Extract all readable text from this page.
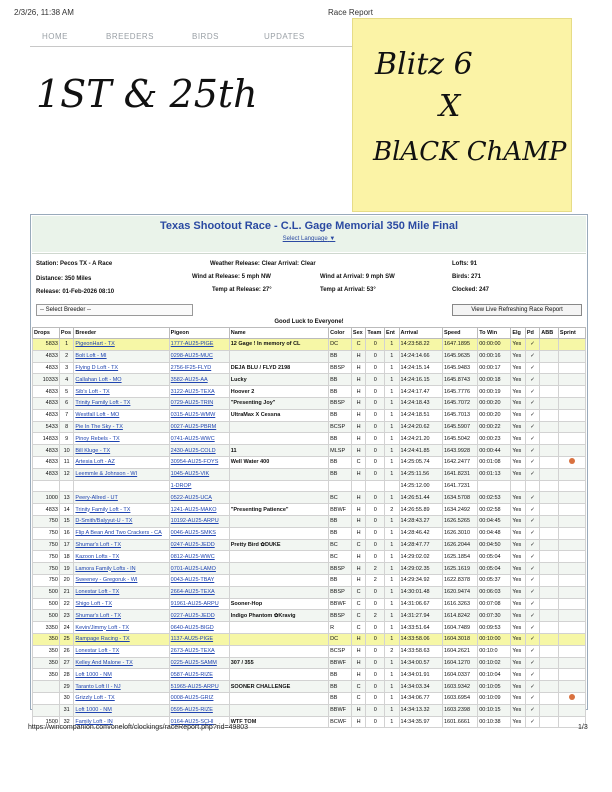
2/3/26, 11:38 AM	Race Report
HOME	BREEDERS	BIRDS	UPDATES
1ST & 25th
Blitz 6
X
BlACK ChAMP
Texas Shootout Race - C.L. Gage Memorial 350 Mile Final
Select Language ▼
Station: Pecos TX - A Race
Distance: 350 Miles
Release: 01-Feb-2026 08:10
Weather Release: Clear Arrival: Clear
Wind at Release: 5 mph NW	Wind at Arrival: 9 mph SW
Temp at Release: 27°	Temp at Arrival: 53°
Lofts: 91
Birds: 271
Clocked: 247
-- Select Breeder --	View Live Refreshing Race Report
Good Luck to Everyone!
Drops	Pos	Breeder	Pigeon	Name	Color	Sex	Team	Ent	Arrival	Speed	To Win	Elg	Pd	ABB	Sprint
5833	1	PigeonHart - TX	1777-AU25-PIGE	12 Gage ! In memory of CL	DC	C	0	1	14:23:58.22	1647.1895	00:00:00	Yes	✓		
4833	2	Bolt Loft - MI	0298-AU25-MUC		BB	H	0	1	14:24:14.66	1645.9635	00:00:16	Yes	✓		
4833	3	Flying D Loft - TX	2756-IF25-FLYD	DEJA BLU / FLYD 2198	BBSP	H	0	1	14:24:15.14	1645.9483	00:00:17	Yes	✓		
10333	4	Callahan Loft - MO	3582-AU25-AA	Lucky	BB	H	0	1	14:24:16.15	1645.8743	00:00:18	Yes	✓		
4833	5	Sib's Loft - TX	3122-AU25-TEXA	Hoover 2	BB	H	0	1	14:24:17.47	1645.7776	00:00:19	Yes	✓		
4833	6	Trinity Family Loft - TX	0729-AU25-TRIN	"Presenting Joy"	BBSP	H	0	1	14:24:18.43	1645.7072	00:00:20	Yes	✓		
4833	7	Westfall Loft - MO	0315-AU25-WMW	UltraMax X Cessna	BB	H	0	1	14:24:18.51	1645.7013	00:00:20	Yes	✓		
5433	8	Pie In The Sky - TX	0027-AU25-PBRM		BCSP	H	0	1	14:24:20.62	1645.5907	00:00:22	Yes	✓		
14833	9	Pinoy Rebels - TX	0741-AU25-WWC		BB	H	0	1	14:24:21.20	1645.5042	00:00:23	Yes	✓		
4833	10	Bill Kluge - TX	2430-AU25-COLD	11	MLSP	H	0	1	14:24:41.85	1643.9928	00:00:44	Yes	✓		
4833	11	Artesia Loft - AZ	30954-AU25-FOYS	Well Water 400	BB	C	0	1	14:25:05.74	1642.2477	00:01:08	Yes	✓		
4833	12	Leemmle & Johnson - WI	1045-AU25-VIK		BB	H	0	1	14:25:11.56	1641.8231	00:01:13	Yes	✓		
			1-DROP						14:25:12.00	1641.7231					
1000	13	Peery-Allred - UT	0522-AU25-UCA		BC	H	0	1	14:26:51.44	1634.5708	00:02:53	Yes	✓		
4833	14	Trinity Family Loft - TX	1241-AU25-MAKO	"Presenting Patience"	BBWF	H	0	2	14:26:55.89	1634.2492	00:02:58	Yes	✓		
750	15	D-Smith/Balyyut-U - TX	10192-AU25-ARPU		BB	H	0	1	14:28:43.27	1626.5265	00:04:45	Yes	✓		
750	16	Flip A Bean And Two Crackers - CA	0046-AU25-SMKS		BB	H	0	1	14:28:46.42	1626.3010	00:04:48	Yes	✓		
750	17	Shumar's Loft - TX	0247-AU25-JEDD	Pretty Bird ✿DUKE	BC	C	0	1	14:28:47.77	1626.2044	00:04:50	Yes	✓		
750	18	Kazoon Lofts - TX	0812-AU25-WWC		BC	H	0	1	14:29:02.02	1625.1854	00:05:04	Yes	✓		
750	19	Lamora Family Lofts - IN	0701-AU25-LAMO		BBSP	H	2	1	14:29:02.35	1625.1619	00:05:04	Yes	✓		
750	20	Sweeney - Gregoruk - WI	0043-AU25-TBAY		BB	H	2	1	14:29:34.92	1622.8378	00:05:37	Yes	✓		
500	21	Lonestar Loft - TX	2664-AU25-TEXA		BBSP	C	0	1	14:30:01.48	1620.9474	00:06:03	Yes	✓		
500	22	Shigo Loft - TX	91961-AU25-ARPU	Sooner-Hop	BBWF	C	0	1	14:31:06.67	1616.3263	00:07:08	Yes	✓		
500	23	Shumar's Loft - TX	0227-AU25-JEDD	Indigo Phantom ✿Kravig	BBSP	C	2	1	14:31:27.94	1614.8242	00:07:30	Yes	✓		
3350	24	Kevin/Jimmy Loft - TX	0640-AU25-BIGD		R	C	0	1	14:33:51.64	1604.7489	00:09:53	Yes	✓		
350	25	Rampage Racing - TX	1137-AU25-PIGE		DC	H	0	1	14:33:58.06	1604.3018	00:10:00	Yes	✓		
350	26	Lonestar Loft - TX	2673-AU25-TEXA		BCSP	H	0	2	14:33:58.63	1604.2621	00:10:0	Yes	✓		
350	27	Kelley And Malone - TX	0225-AU25-SAMM	307 / 355	BBWF	H	0	1	14:34:00.57	1604.1270	00:10:02	Yes	✓		
350	28	Loft 1000 - NM	0587-AU25-RIZE		BB	H	0	1	14:34:01.91	1604.0337	00:10:04	Yes	✓		
	29	Taranto Loft II - NJ	51965-AU25-ARPU	SOONER CHALLENGE	BB	C	0	1	14:34:03.34	1603.9342	00:10:05	Yes	✓		
	30	Grizzly Loft - TX	0008-AU25-GRIZ		BB	C	0	1	14:34:06.77	1603.6954	00:10:09	Yes	✓		
	31	Loft 1000 - NM	0595-AU25-RIZE		BBWF	H	0	1	14:34:13.32	1603.2398	00:10:15	Yes	✓		
1500	32	Family Loft - IN	0164-AU25-SCHI	WTF TOM	BCWF	H	0	1	14:34:35.97	1601.6661	00:10:38	Yes	✓		
https://wincompanion.com/oneloft/clockings/raceReport.php?rid=49803	1/3
